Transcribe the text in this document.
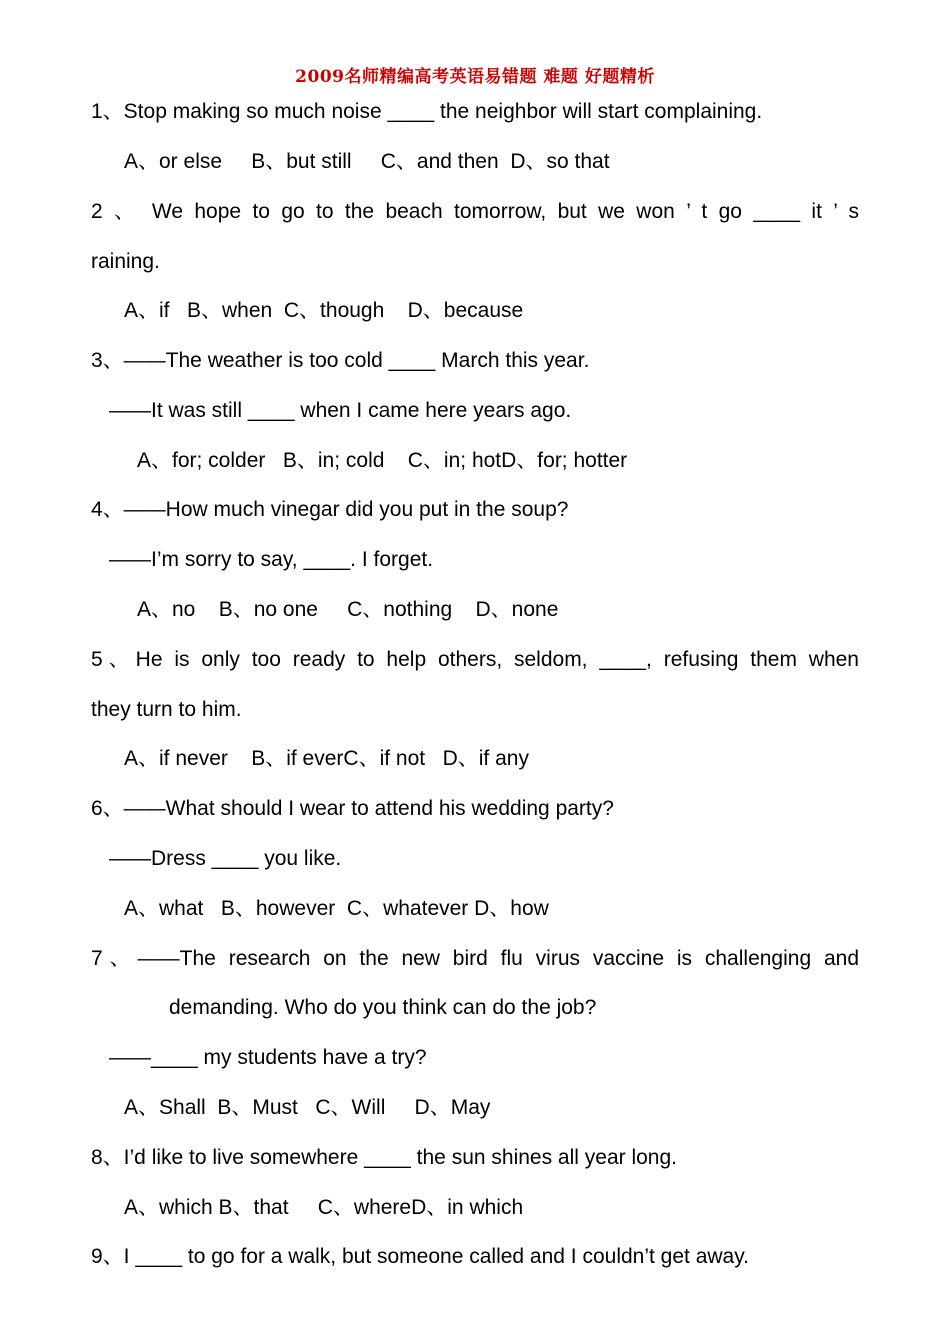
2009名师精编高考英语易错题 难题 好题精析
1、Stop making so much noise ____ the neighbor will start complaining.
A、or else     B、but still     C、and then  D、so that
2 、 We hope to go to the beach tomorrow, but we won ’ t go ____ it ’ s
raining.
A、if   B、when  C、though    D、because
3、——The weather is too cold ____ March this year.
——It was still ____ when I came here years ago.
A、for; colder   B、in; cold    C、in; hotD、for; hotter
4、——How much vinegar did you put in the soup?
——I’m sorry to say, ____. I forget.
A、no    B、no one     C、nothing    D、none
5、He is only too ready to help others, seldom, ____, refusing them when
they turn to him.
A、if never    B、if everC、if not   D、if any
6、——What should I wear to attend his wedding party?
——Dress ____ you like.
A、what   B、however  C、whatever D、how
7、——The research on the new bird flu virus vaccine is challenging and
demanding. Who do you think can do the job?
——____ my students have a try?
A、Shall  B、Must   C、Will     D、May
8、I’d like to live somewhere ____ the sun shines all year long.
A、which B、that     C、whereD、in which
9、I ____ to go for a walk, but someone called and I couldn’t get away.
